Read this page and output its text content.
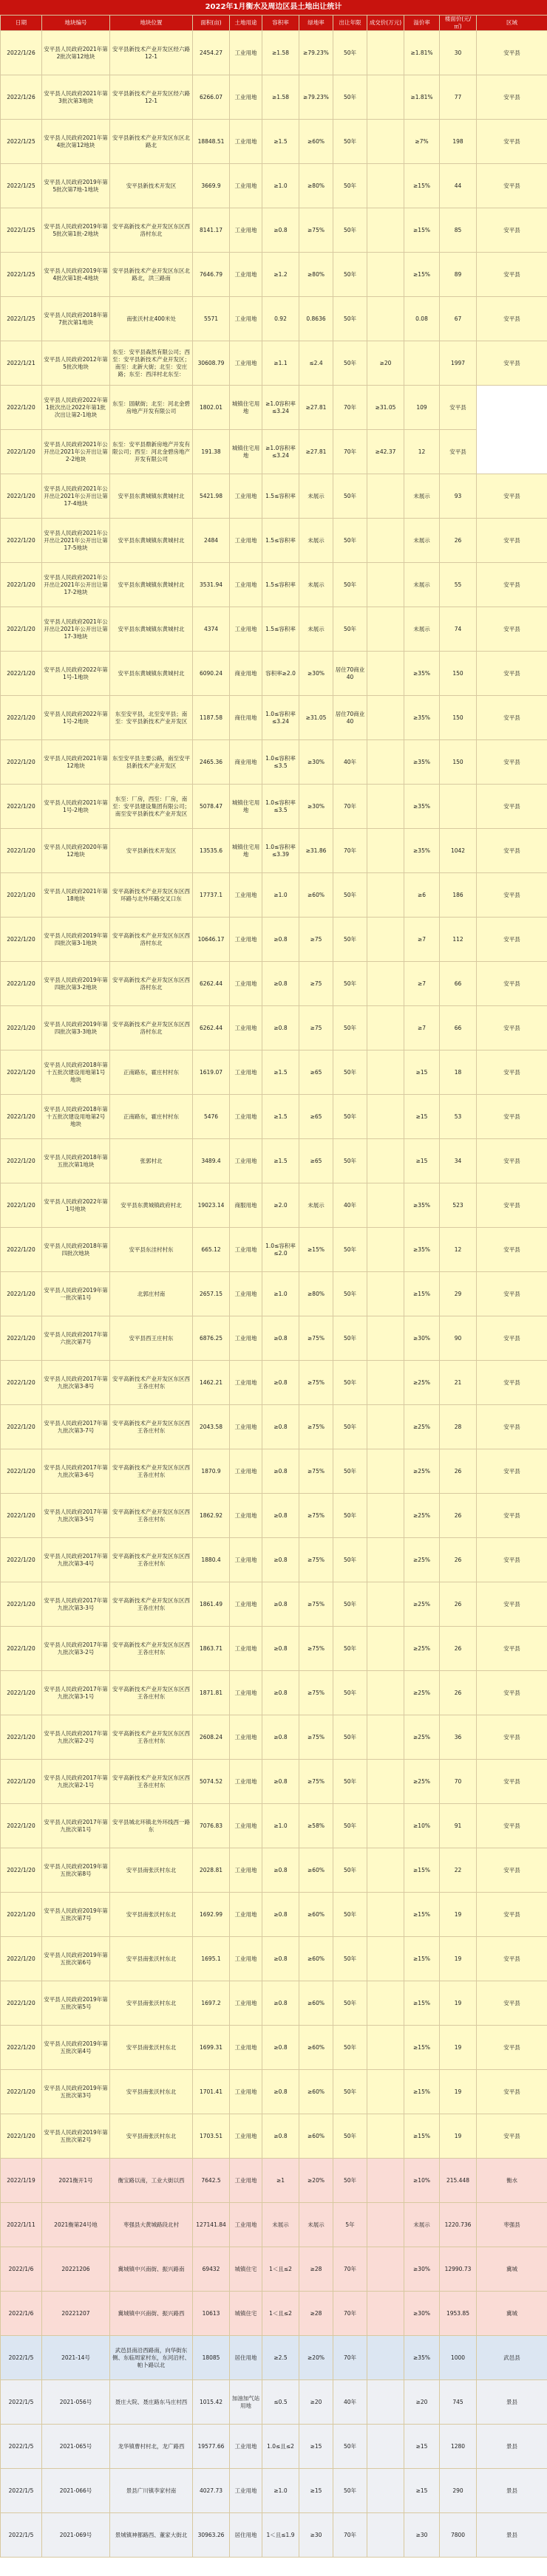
2022年1月衡水及周边区县土地出让统计
日期	地块编号	地块位置	面积(亩)	土地用途	容积率	绿地率	出让年限	成交价(万元)	溢价率	楼面价(元/㎡)	区域
2022/1/26	安平县人民政府2021年第2批次第12地块	安平县新技术产业开发区经六路12-1	2454.27	工业用地	≥1.58	≥79.23%	50年		≥1.81%	30	安平县
2022/1/26	安平县人民政府2021年第3批次第3地块	安平县新技术产业开发区经六路12-1	6266.07	工业用地	≥1.58	≥79.23%	50年		≥1.81%	77	安平县
2022/1/25	安平县人民政府2021年第4批次第12地块	安平县新技术产业开发区东区北路北	18848.51	工业用地	≥1.5	≥60%	50年		≥7%	198	安平县
2022/1/25	安平县人民政府2019年第5批次第7地-1地块	安平县新技术开发区	3669.9	工业用地	≥1.0	≥80%	50年		≥15%	44	安平县
2022/1/25	安平县人民政府2019年第5批次第1批-2地块	安平高新技术产业开发区东区西洛村东北	8141.17	工业用地	≥0.8	≥75%	50年		≥15%	85	安平县
2022/1/25	安平县人民政府2019年第4批次第1批-4地块	安平县新技术产业开发区东区北路北，洪三路南	7646.79	工业用地	≥1.2	≥80%	50年		≥15%	89	安平县
2022/1/25	安平县人民政府2018年第7批次第1地块	南张沃村北400米处	5571	工业用地	0.92	0.8636	50年		0.08	67	安平县
2022/1/21	安平县人民政府2012年第5批次地块	东至：安平县森然有限公司；西至：安平县新技术产业开发区；南至：北新大街；北至：安庄路；东至：西洋村北东至：	30608.79	工业用地	≥1.1	≤2.4	50年	≥20		1997	安平县
2022/1/20	安平县人民政府2022年第1批次出让2022年第1批次出让第2-1地块	东至：固献街；北至：河北金碧房地产开发有限公司	1802.01	城镇住宅用地	≥1.0容积率≤3.24	≥27.81	70年	≥31.05	109	安平县	
2022/1/20	安平县人民政府2021年公开出让2021年公开出让第2-2地块	东至：安平县鼎新房地产开发有限公司；西至：河北金碧房地产开发有限公司	191.38	城镇住宅用地	≥1.0容积率≤3.24	≥27.81	70年	≥42.37	12	安平县	
2022/1/20	安平县人民政府2021年公开出让2021年公开出让第17-4地块	安平县东黄城镇东黄城村北	5421.98	工业用地	1.5≤容积率	未展示	50年		未展示	93	安平县
2022/1/20	安平县人民政府2021年公开出让2021年公开出让第17-5地块	安平县东黄城镇东黄城村北	2484	工业用地	1.5≤容积率	未展示	50年		未展示	26	安平县
2022/1/20	安平县人民政府2021年公开出让2021年公开出让第17-2地块	安平县东黄城镇东黄城村北	3531.94	工业用地	1.5≤容积率	未展示	50年		未展示	55	安平县
2022/1/20	安平县人民政府2021年公开出让2021年公开出让第17-3地块	安平县东黄城镇东黄城村北	4374	工业用地	1.5≤容积率	未展示	50年		未展示	74	安平县
2022/1/20	安平县人民政府2022年第1号-1地块	安平县东黄城镇东黄城村北	6090.24	商业用地	容积率≥2.0	≥30%	居住70商业40		≥35%	150	安平县
2022/1/20	安平县人民政府2022年第1号-2地块	东至安平县，北至安平县；南至：安平县新技术产业开发区	1187.58	商住用地	1.0≤容积率≤3.24	≥31.05	居住70商业40		≥35%	150	安平县
2022/1/20	安平县人民政府2021年第12地块	东至安平县主要公路，南至安平县新技术产业开发区	2465.36	商业用地	1.0≤容积率≤3.5	≥30%	40年		≥35%	150	安平县
2022/1/20	安平县人民政府2021年第1号-2地块	东至：厂房，西至：厂房，南至：安平县建设集团有限公司；南至安平县新技术产业开发区	5078.47	城镇住宅用地	1.0≤容积率≤3.5	≥30%	70年		≥35%		安平县
2022/1/20	安平县人民政府2020年第12地块	安平县新技术开发区	13535.6	城镇住宅用地	1.0≤容积率≤3.39	≥31.86	70年		≥35%	1042	安平县
2022/1/20	安平县人民政府2021年第18地块	安平高新技术产业开发区东区西环路与北外环路交叉口东	17737.1	工业用地	≥1.0	≥60%	50年		≥6	186	安平县
2022/1/20	安平县人民政府2019年第四批次第3-1地块	安平高新技术产业开发区东区西洛村东北	10646.17	工业用地	≥0.8	≥75	50年		≥7	112	安平县
2022/1/20	安平县人民政府2019年第四批次第3-2地块	安平高新技术产业开发区东区西洛村东北	6262.44	工业用地	≥0.8	≥75	50年		≥7	66	安平县
2022/1/20	安平县人民政府2019年第四批次第3-3地块	安平高新技术产业开发区东区西洛村东北	6262.44	工业用地	≥0.8	≥75	50年		≥7	66	安平县
2022/1/20	安平县人民政府2018年第十五批次建设用地第1号地块	正南路东，霍庄村村东	1619.07	工业用地	≥1.5	≥65	50年		≥15	18	安平县
2022/1/20	安平县人民政府2018年第十五批次建设用地第2号地块	正南路东，霍庄村村东	5476	工业用地	≥1.5	≥65	50年		≥15	53	安平县
2022/1/20	安平县人民政府2018年第五批次第1地块	张郭村北	3489.4	工业用地	≥1.5	≥65	50年		≥15	34	安平县
2022/1/20	安平县人民政府2022年第1号地块	安平县东黄城镇政府村北	19023.14	商服用地	≥2.0	未展示	40年		≥35%	523	安平县
2022/1/20	安平县人民政府2018年第四批次地块	安平县东洼村村东	665.12	工业用地	1.0≤容积率≤2.0	≥15%	50年		≥35%	12	安平县
2022/1/20	安平县人民政府2019年第一批次第1号	北郭庄村南	2657.15	工业用地	≥1.0	≥80%	50年		≥15%	29	安平县
2022/1/20	安平县人民政府2017年第六批次第7号	安平县西王庄村东	6876.25	工业用地	≥0.8	≥75%	50年		≥30%	90	安平县
2022/1/20	安平县人民政府2017年第九批次第3-8号	安平高新技术产业开发区东区西王各庄村东	1462.21	工业用地	≥0.8	≥75%	50年		≥25%	21	安平县
2022/1/20	安平县人民政府2017年第九批次第3-7号	安平高新技术产业开发区东区西王各庄村东	2043.58	工业用地	≥0.8	≥75%	50年		≥25%	28	安平县
2022/1/20	安平县人民政府2017年第九批次第3-6号	安平高新技术产业开发区东区西王各庄村东	1870.9	工业用地	≥0.8	≥75%	50年		≥25%	26	安平县
2022/1/20	安平县人民政府2017年第九批次第3-5号	安平高新技术产业开发区东区西王各庄村东	1862.92	工业用地	≥0.8	≥75%	50年		≥25%	26	安平县
2022/1/20	安平县人民政府2017年第九批次第3-4号	安平高新技术产业开发区东区西王各庄村东	1880.4	工业用地	≥0.8	≥75%	50年		≥25%	26	安平县
2022/1/20	安平县人民政府2017年第九批次第3-3号	安平高新技术产业开发区东区西王各庄村东	1861.49	工业用地	≥0.8	≥75%	50年		≥25%	26	安平县
2022/1/20	安平县人民政府2017年第九批次第3-2号	安平高新技术产业开发区东区西王各庄村东	1863.71	工业用地	≥0.8	≥75%	50年		≥25%	26	安平县
2022/1/20	安平县人民政府2017年第九批次第3-1号	安平高新技术产业开发区东区西王各庄村东	1871.81	工业用地	≥0.8	≥75%	50年		≥25%	26	安平县
2022/1/20	安平县人民政府2017年第九批次第2-2号	安平高新技术产业开发区东区西王各庄村东	2608.24	工业用地	≥0.8	≥75%	50年		≥25%	36	安平县
2022/1/20	安平县人民政府2017年第九批次第2-1号	安平高新技术产业开发区东区西王各庄村东	5074.52	工业用地	≥0.8	≥75%	50年		≥25%	70	安平县
2022/1/20	安平县人民政府2017年第九批次第1号	安平县城北环镇北外环线西一路东	7076.83	工业用地	≥1.0	≥58%	50年		≥10%	91	安平县
2022/1/20	安平县人民政府2019年第五批次第8号	安平县南张沃村东北	2028.81	工业用地	≥0.8	≥60%	50年		≥15%	22	安平县
2022/1/20	安平县人民政府2019年第五批次第7号	安平县南张沃村东北	1692.99	工业用地	≥0.8	≥60%	50年		≥15%	19	安平县
2022/1/20	安平县人民政府2019年第五批次第6号	安平县南张沃村东北	1695.1	工业用地	≥0.8	≥60%	50年		≥15%	19	安平县
2022/1/20	安平县人民政府2019年第五批次第5号	安平县南张沃村东北	1697.2	工业用地	≥0.8	≥60%	50年		≥15%	19	安平县
2022/1/20	安平县人民政府2019年第五批次第4号	安平县南张沃村东北	1699.31	工业用地	≥0.8	≥60%	50年		≥15%	19	安平县
2022/1/20	安平县人民政府2019年第五批次第3号	安平县南张沃村东北	1701.41	工业用地	≥0.8	≥60%	50年		≥15%	19	安平县
2022/1/20	安平县人民政府2019年第五批次第2号	安平县南张沃村东北	1703.51	工业用地	≥0.8	≥60%	50年		≥15%	19	安平县
2022/1/19	2021衡开1号	衡宝路以南，工业大街以西	7642.5	工业用地	≥1	≥20%	50年		≥10%	215.448	衡水
2022/1/11	2021衡第24号地	枣强县大黄城路段北村	127141.84	工业用地	未展示	未展示	5年		未展示	1220.736	枣强县
2022/1/6	20221206	冀城镇中兴南街、振兴路南	69432	城镇住宅	1＜且≤2	≥28	70年		≥30%	12990.73	冀城
2022/1/6	20221207	冀城镇中兴南街、振兴路西	10613	城镇住宅	1＜且≤2	≥28	70年		≥30%	1953.85	冀城
2022/1/5	2021-14号	武邑县南沿西路南，向华街东侧、东临周家村东，东河沿村、帕卜路以北	18085	居住用地	≥2.5	≥20%	70年		≥35%	1000	武邑县
2022/1/5	2021-056号	聂庄大院、聂庄路东马庄村西	1015.42	加油加气站用地	≤0.5	≥20	40年		≥20	745	景县
2022/1/5	2021-065号	龙华镇曹村村北，龙广路西	19577.66	工业用地	1.0≤且≤2	≥15	50年		≥15	1280	景县
2022/1/5	2021-066号	景县广川镇李家村南	4027.73	工业用地	≥1.0	≥15	50年		≥15	290	景县
2022/1/5	2021-069号	景城镇神都路西、董家大街北	30963.26	居住用地	1＜且≤1.9	≥30	70年		≥30	7800	景县
